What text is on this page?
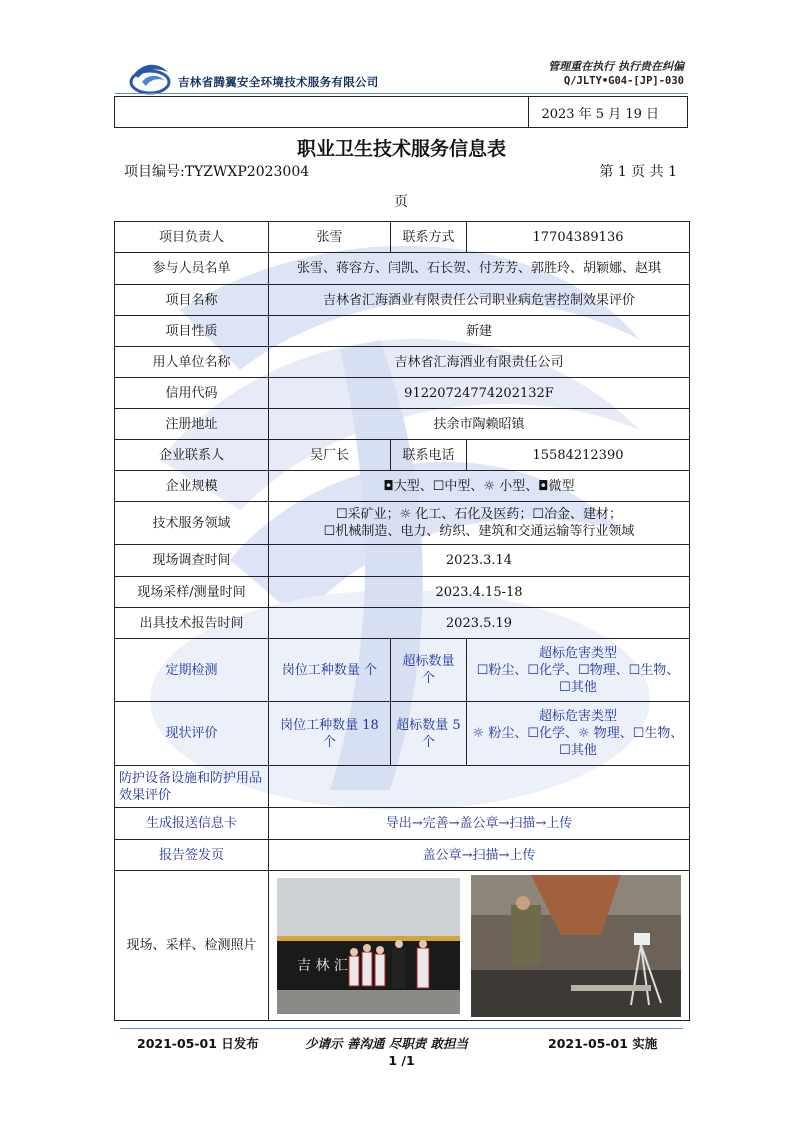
吉林省腾翼安全环境技术服务有限公司
管理重在执行 执行贵在纠偏
Q/JLTY•G04-[JP]-030
2023 年 5 月 19 日
职业卫生技术服务信息表
项目编号:TYZWXP2023004	第 1 页 共 1
页
项目负责人	张雪	联系方式	17704389136
参与人员名单	张雪、蒋容方、闫凯、石长贺、付芳芳、郭胜玲、胡颖娜、赵琪		
项目名称	吉林省汇海酒业有限责任公司职业病危害控制效果评价		
项目性质	新建		
用人单位名称	吉林省汇海酒业有限责任公司		
信用代码	91220724774202132F		
注册地址	扶余市陶赖昭镇		
企业联系人	吴厂长	联系电话	15584212390
企业规模	◘大型、☐中型、☼ 小型、◘微型		
技术服务领域	☐采矿业；☼ 化工、石化及医药；☐冶金、建材；
☐机械制造、电力、纺织、建筑和交通运输等行业领域		

现场调查时间	2023.3.14		
现场采样/测量时间	2023.4.15-18		
出具技术报告时间	2023.5.19		
定期检测	岗位工种数量 个	超标数量 个	超标危害类型
☐粉尘、☐化学、☐物理、☐生物、☐其他

现状评价	岗位工种数量 18 个	超标数量 5 个	超标危害类型
☼ 粉尘、☐化学、☼ 物理、☐生物、☐其他

防护设备设施和防护用品效果评价			
生成报送信息卡	导出→完善→盖公章→扫描→上传		
报告签发页	盖公章→扫描→上传		
现场、采样、检测照片	吉 林 汇		
2021-05-01 日发布	少请示 善沟通 尽职责 敢担当	2021-05-01 实施
1 /1
